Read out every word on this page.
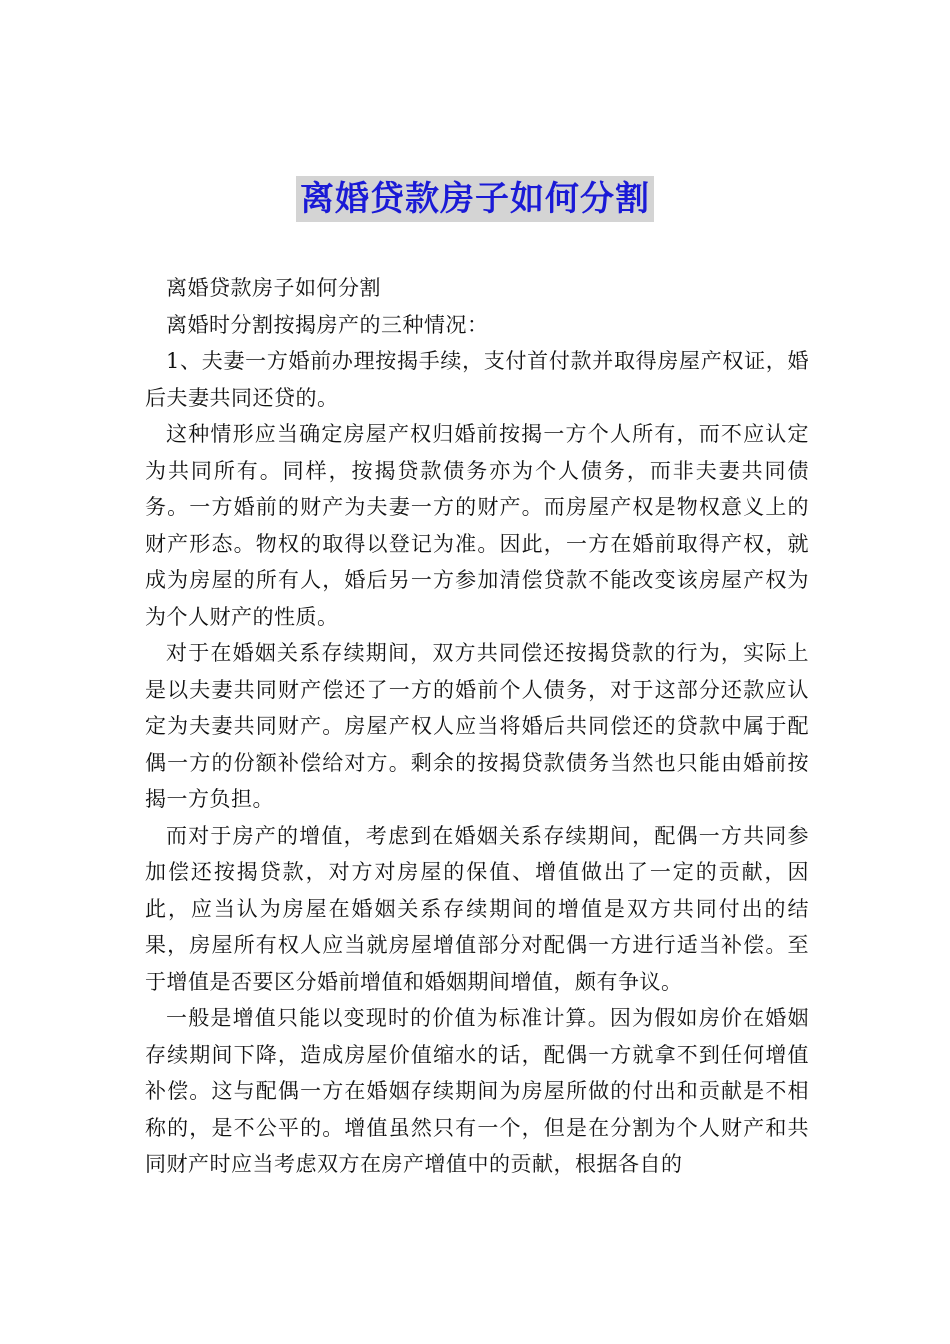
离婚贷款房子如何分割

离婚贷款房子如何分割

离婚时分割按揭房产的三种情况：

1、夫妻一方婚前办理按揭手续，支付首付款并取得房屋产权证，婚后夫妻共同还贷的。

这种情形应当确定房屋产权归婚前按揭一方个人所有，而不应认定为共同所有。同样，按揭贷款债务亦为个人债务，而非夫妻共同债务。一方婚前的财产为夫妻一方的财产。而房屋产权是物权意义上的财产形态。物权的取得以登记为准。因此，一方在婚前取得产权，就成为房屋的所有人，婚后另一方参加清偿贷款不能改变该房屋产权为为个人财产的性质。

对于在婚姻关系存续期间，双方共同偿还按揭贷款的行为，实际上是以夫妻共同财产偿还了一方的婚前个人债务，对于这部分还款应认定为夫妻共同财产。房屋产权人应当将婚后共同偿还的贷款中属于配偶一方的份额补偿给对方。剩余的按揭贷款债务当然也只能由婚前按揭一方负担。

而对于房产的增值，考虑到在婚姻关系存续期间，配偶一方共同参加偿还按揭贷款，对方对房屋的保值、增值做出了一定的贡献，因此，应当认为房屋在婚姻关系存续期间的增值是双方共同付出的结果，房屋所有权人应当就房屋增值部分对配偶一方进行适当补偿。至于增值是否要区分婚前增值和婚姻期间增值，颇有争议。

一般是增值只能以变现时的价值为标准计算。因为假如房价在婚姻存续期间下降，造成房屋价值缩水的话，配偶一方就拿不到任何增值补偿。这与配偶一方在婚姻存续期间为房屋所做的付出和贡献是不相称的，是不公平的。增值虽然只有一个，但是在分割为个人财产和共同财产时应当考虑双方在房产增值中的贡献，根据各自的
